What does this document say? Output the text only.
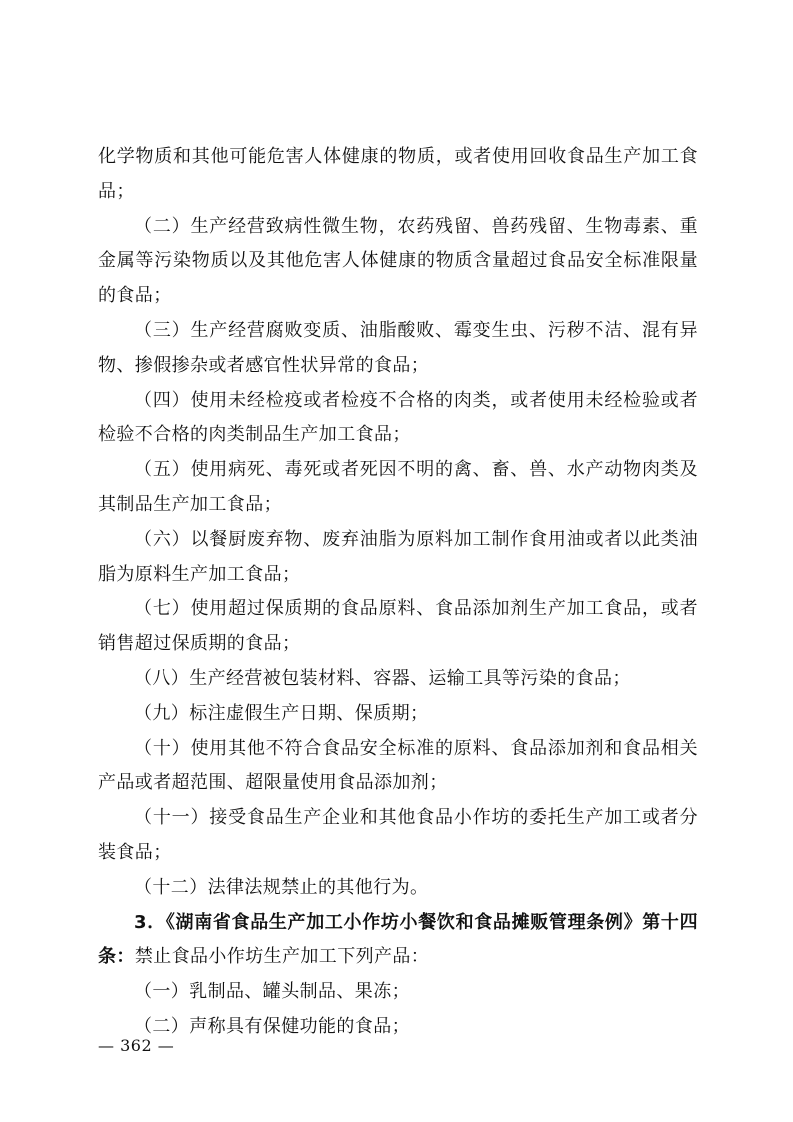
化学物质和其他可能危害人体健康的物质，或者使用回收食品生产加工食品；

（二）生产经营致病性微生物，农药残留、兽药残留、生物毒素、重金属等污染物质以及其他危害人体健康的物质含量超过食品安全标准限量的食品；

（三）生产经营腐败变质、油脂酸败、霉变生虫、污秽不洁、混有异物、掺假掺杂或者感官性状异常的食品；

（四）使用未经检疫或者检疫不合格的肉类，或者使用未经检验或者检验不合格的肉类制品生产加工食品；

（五）使用病死、毒死或者死因不明的禽、畜、兽、水产动物肉类及其制品生产加工食品；

（六）以餐厨废弃物、废弃油脂为原料加工制作食用油或者以此类油脂为原料生产加工食品；

（七）使用超过保质期的食品原料、食品添加剂生产加工食品，或者销售超过保质期的食品；

（八）生产经营被包装材料、容器、运输工具等污染的食品；

（九）标注虚假生产日期、保质期；

（十）使用其他不符合食品安全标准的原料、食品添加剂和食品相关产品或者超范围、超限量使用食品添加剂；

（十一）接受食品生产企业和其他食品小作坊的委托生产加工或者分装食品；

（十二）法律法规禁止的其他行为。

3．《湖南省食品生产加工小作坊小餐饮和食品摊贩管理条例》第十四条：禁止食品小作坊生产加工下列产品：

（一）乳制品、罐头制品、果冻；

（二）声称具有保健功能的食品；

— 362 —
